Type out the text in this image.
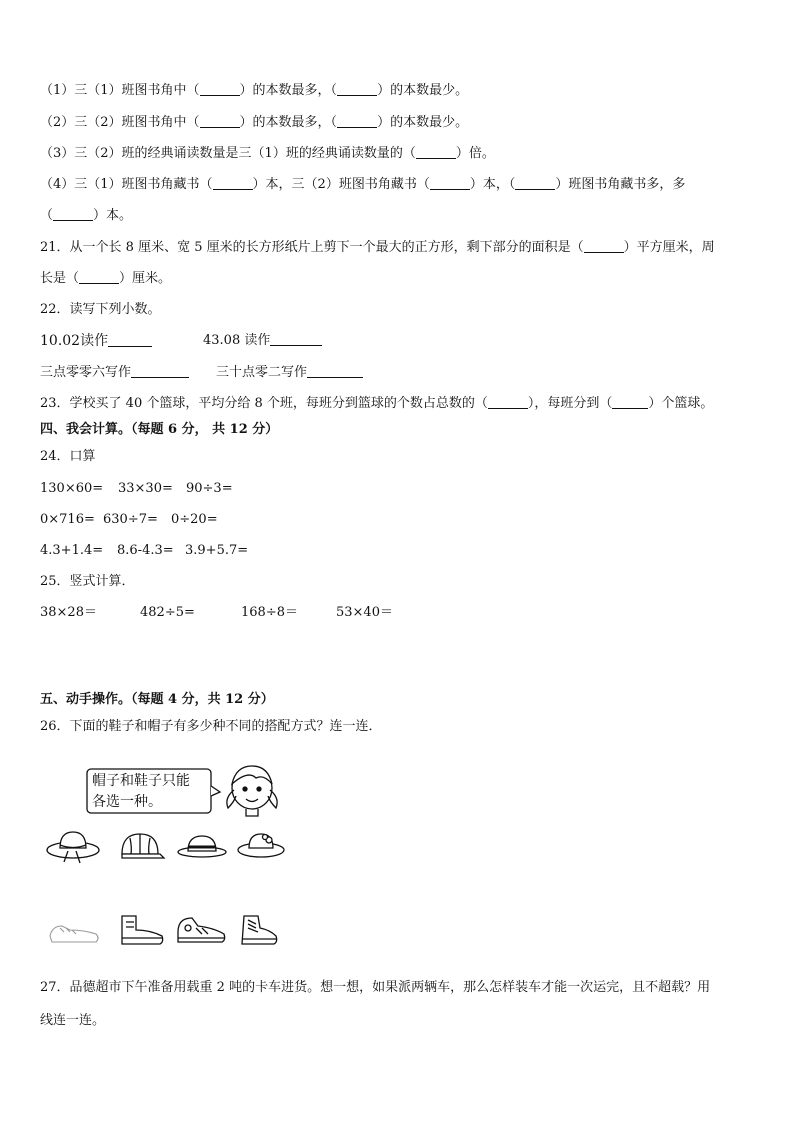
（1）三（1）班图书角中（	）的本数最多，（	）的本数最少。
（2）三（2）班图书角中（	）的本数最多，（	）的本数最少。
（3）三（2）班的经典诵读数量是三（1）班的经典诵读数量的（	）倍。
（4）三（1）班图书角藏书（	）本，三（2）班图书角藏书（	）本，（	）班图书角藏书多，多
（	）本。
21．从一个长 8 厘米、宽 5 厘米的长方形纸片上剪下一个最大的正方形，剩下部分的面积是（	）平方厘米，周
长是（	）厘米。
22．读写下列小数。
10.02读作	43.08 读作
三点零零六写作	三十点零二写作
23．学校买了 40 个篮球，平均分给 8 个班，每班分到篮球的个数占总数的（	），每班分到（	）个篮球。
四、我会计算。（每题 6 分， 共 12 分）
24．口算
130×60= 33×30= 90÷3=
0×716= 630÷7= 0÷20=
4.3+1.4= 8.6-4.3= 3.9+5.7=
25．竖式计算．
38×28＝	482÷5=	168÷8＝	53×40＝
五、动手操作。（每题 4 分，共 12 分）
26．下面的鞋子和帽子有多少种不同的搭配方式？连一连．
帽子和鞋子只能
各选一种。
27．品德超市下午准备用载重 2 吨的卡车进货。想一想，如果派两辆车，那么怎样装车才能一次运完，且不超载？用
线连一连。
